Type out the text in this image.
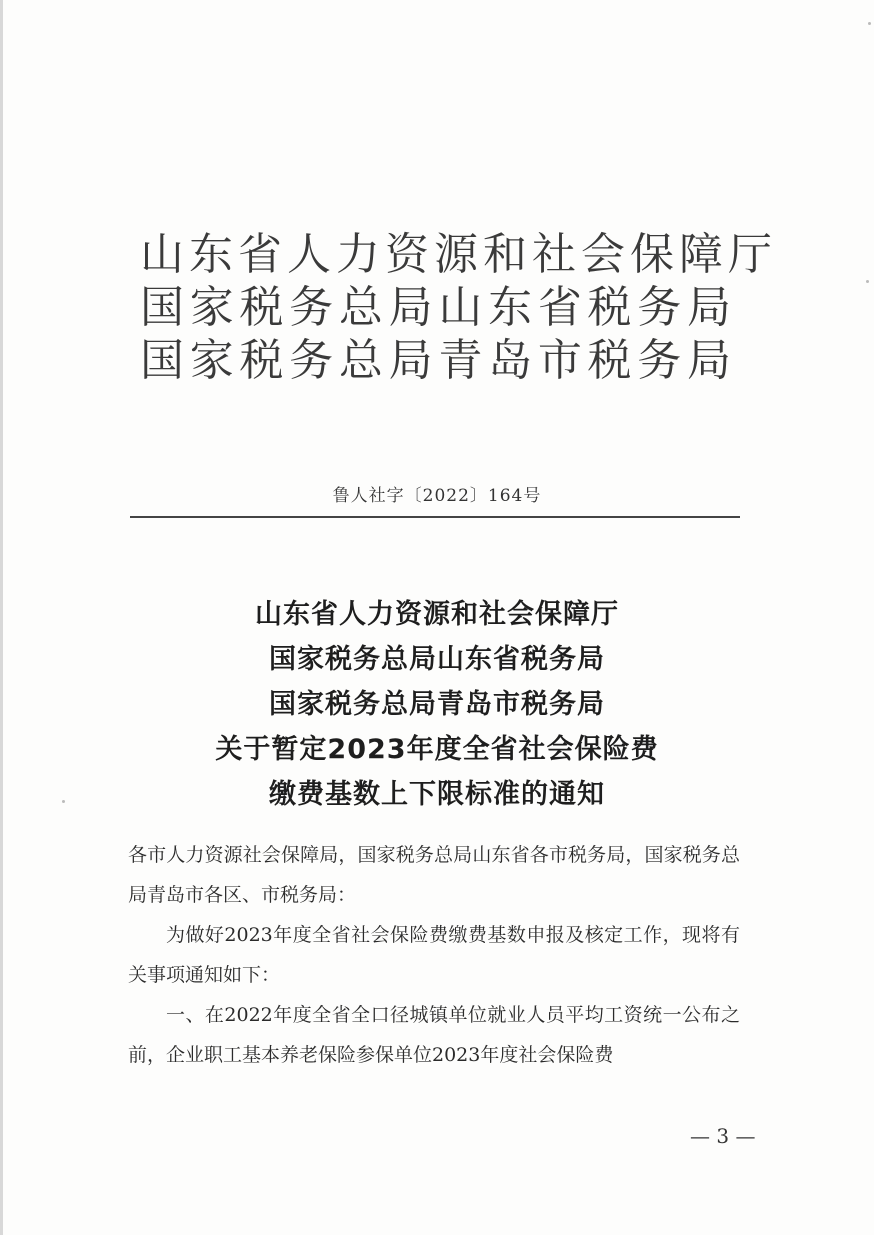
山东省人力资源和社会保障厅
国家税务总局山东省税务局
国家税务总局青岛市税务局
鲁人社字〔2022〕164号
山东省人力资源和社会保障厅
国家税务总局山东省税务局
国家税务总局青岛市税务局
关于暂定2023年度全省社会保险费
缴费基数上下限标准的通知

各市人力资源社会保障局，国家税务总局山东省各市税务局，国家税务总局青岛市各区、市税务局：

为做好2023年度全省社会保险费缴费基数申报及核定工作，现将有关事项通知如下：

一、在2022年度全省全口径城镇单位就业人员平均工资统一公布之前，企业职工基本养老保险参保单位2023年度社会保险费

— 3 —
